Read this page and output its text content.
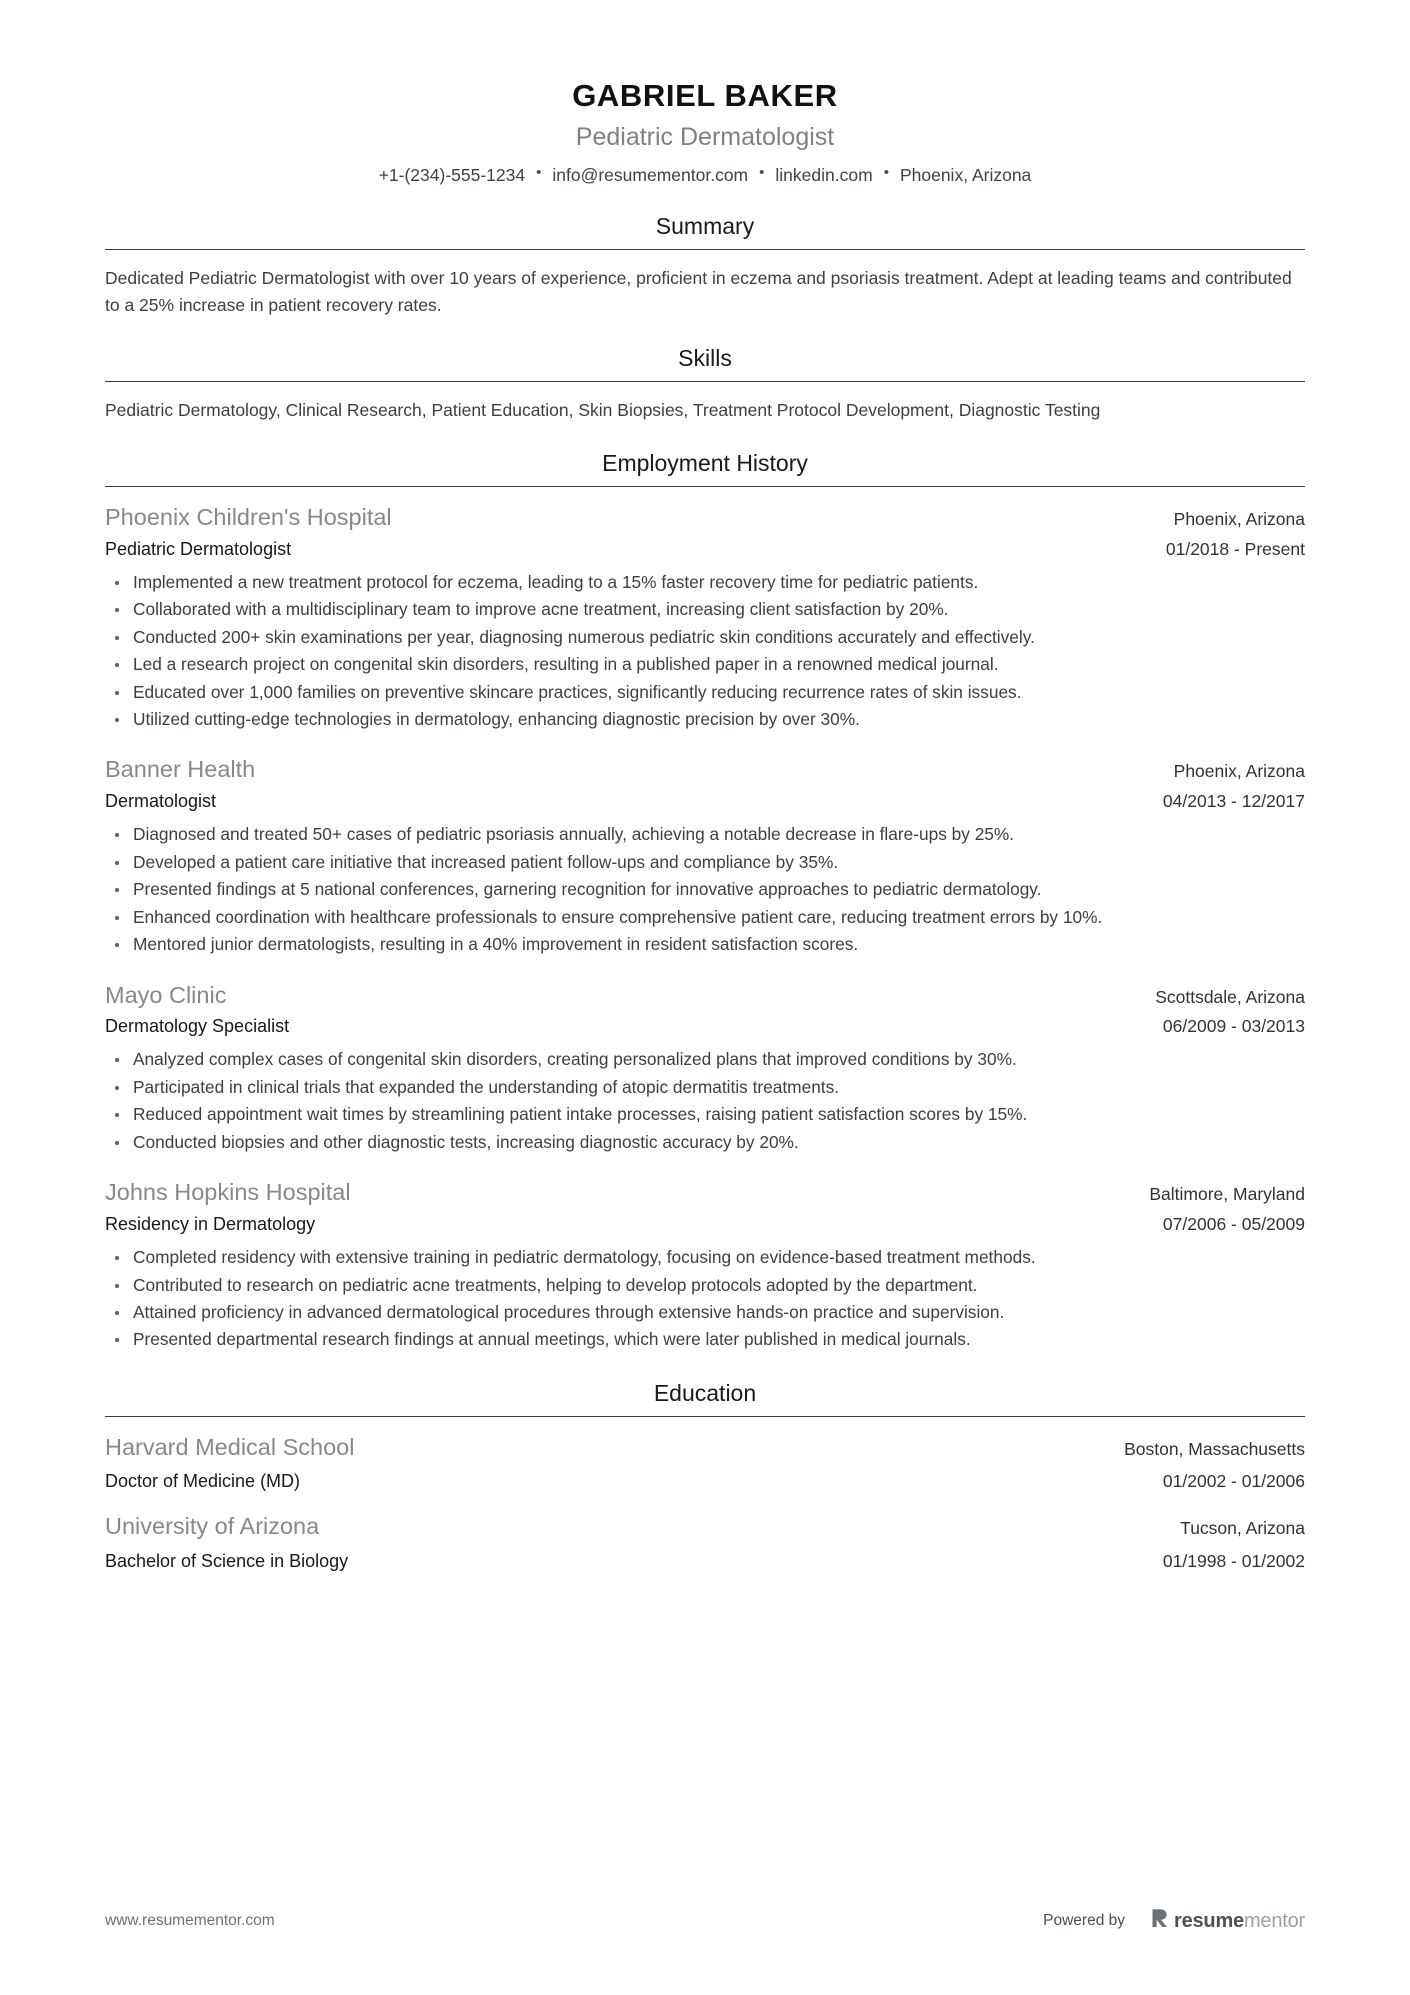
GABRIEL BAKER
Pediatric Dermatologist
+1-(234)-555-1234 • info@resumementor.com • linkedin.com • Phoenix, Arizona
Summary
Dedicated Pediatric Dermatologist with over 10 years of experience, proficient in eczema and psoriasis treatment. Adept at leading teams and contributed to a 25% increase in patient recovery rates.
Skills
Pediatric Dermatology, Clinical Research, Patient Education, Skin Biopsies, Treatment Protocol Development, Diagnostic Testing
Employment History
Phoenix Children's Hospital	Phoenix, Arizona
Pediatric Dermatologist	01/2018 - Present
Implemented a new treatment protocol for eczema, leading to a 15% faster recovery time for pediatric patients.
Collaborated with a multidisciplinary team to improve acne treatment, increasing client satisfaction by 20%.
Conducted 200+ skin examinations per year, diagnosing numerous pediatric skin conditions accurately and effectively.
Led a research project on congenital skin disorders, resulting in a published paper in a renowned medical journal.
Educated over 1,000 families on preventive skincare practices, significantly reducing recurrence rates of skin issues.
Utilized cutting-edge technologies in dermatology, enhancing diagnostic precision by over 30%.
Banner Health	Phoenix, Arizona
Dermatologist	04/2013 - 12/2017
Diagnosed and treated 50+ cases of pediatric psoriasis annually, achieving a notable decrease in flare-ups by 25%.
Developed a patient care initiative that increased patient follow-ups and compliance by 35%.
Presented findings at 5 national conferences, garnering recognition for innovative approaches to pediatric dermatology.
Enhanced coordination with healthcare professionals to ensure comprehensive patient care, reducing treatment errors by 10%.
Mentored junior dermatologists, resulting in a 40% improvement in resident satisfaction scores.
Mayo Clinic	Scottsdale, Arizona
Dermatology Specialist	06/2009 - 03/2013
Analyzed complex cases of congenital skin disorders, creating personalized plans that improved conditions by 30%.
Participated in clinical trials that expanded the understanding of atopic dermatitis treatments.
Reduced appointment wait times by streamlining patient intake processes, raising patient satisfaction scores by 15%.
Conducted biopsies and other diagnostic tests, increasing diagnostic accuracy by 20%.
Johns Hopkins Hospital	Baltimore, Maryland
Residency in Dermatology	07/2006 - 05/2009
Completed residency with extensive training in pediatric dermatology, focusing on evidence-based treatment methods.
Contributed to research on pediatric acne treatments, helping to develop protocols adopted by the department.
Attained proficiency in advanced dermatological procedures through extensive hands-on practice and supervision.
Presented departmental research findings at annual meetings, which were later published in medical journals.
Education
Harvard Medical School	Boston, Massachusetts
Doctor of Medicine (MD)	01/2002 - 01/2006
University of Arizona	Tucson, Arizona
Bachelor of Science in Biology	01/1998 - 01/2002
www.resumementor.com	Powered by resumementor
